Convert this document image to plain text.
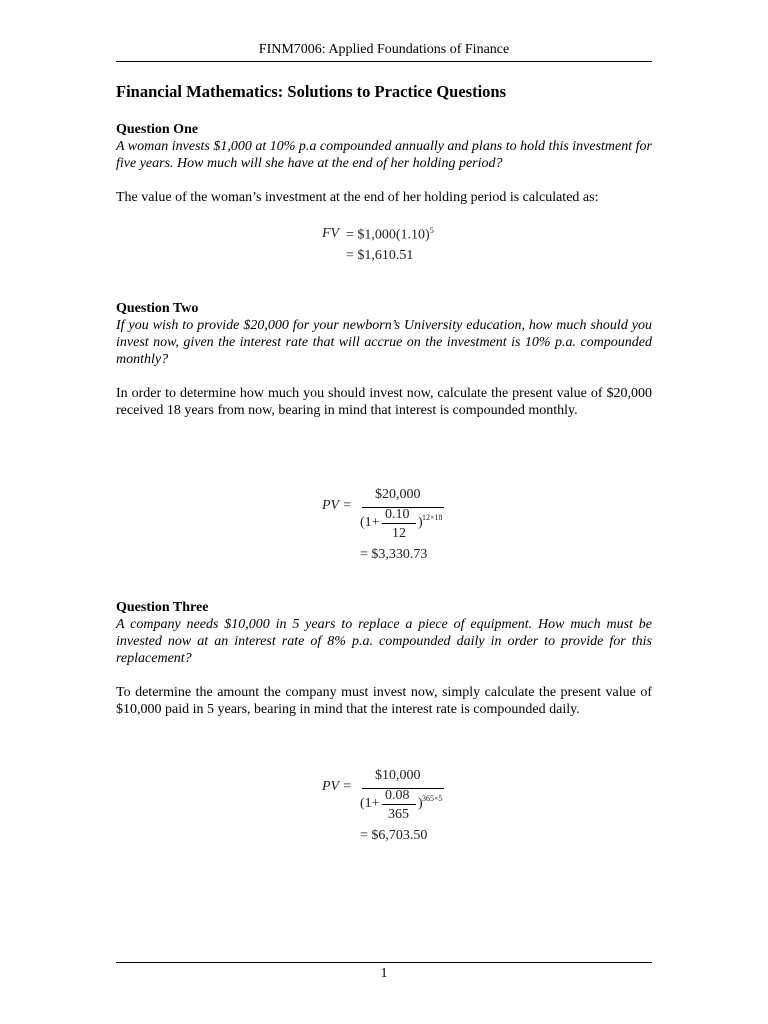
FINM7006: Applied Foundations of Finance
Financial Mathematics: Solutions to Practice Questions
Question One
A woman invests $1,000 at 10% p.a compounded annually and plans to hold this investment for five years. How much will she have at the end of her holding period?
The value of the woman’s investment at the end of her holding period is calculated as:
FV = $\$1,000(1.10)^5$
= $1,610.51
Question Two
If you wish to provide $20,000 for your newborn’s University education, how much should you invest now, given the interest rate that will accrue on the investment is 10% p.a. compounded monthly?
In order to determine how much you should invest now, calculate the present value of $20,000 received 18 years from now, bearing in mind that interest is compounded monthly.
PV =
$20,000
0.10
(1+	) 12×18
12
= $3,330.73
Question Three
A company needs $10,000 in 5 years to replace a piece of equipment. How much must be invested now at an interest rate of 8% p.a. compounded daily in order to provide for this replacement?
To determine the amount the company must invest now, simply calculate the present value of $10,000 paid in 5 years, bearing in mind that the interest rate is compounded daily.
PV =
$10,000
0.08
(1+	) 365×5
365
= $6,703.50
1
